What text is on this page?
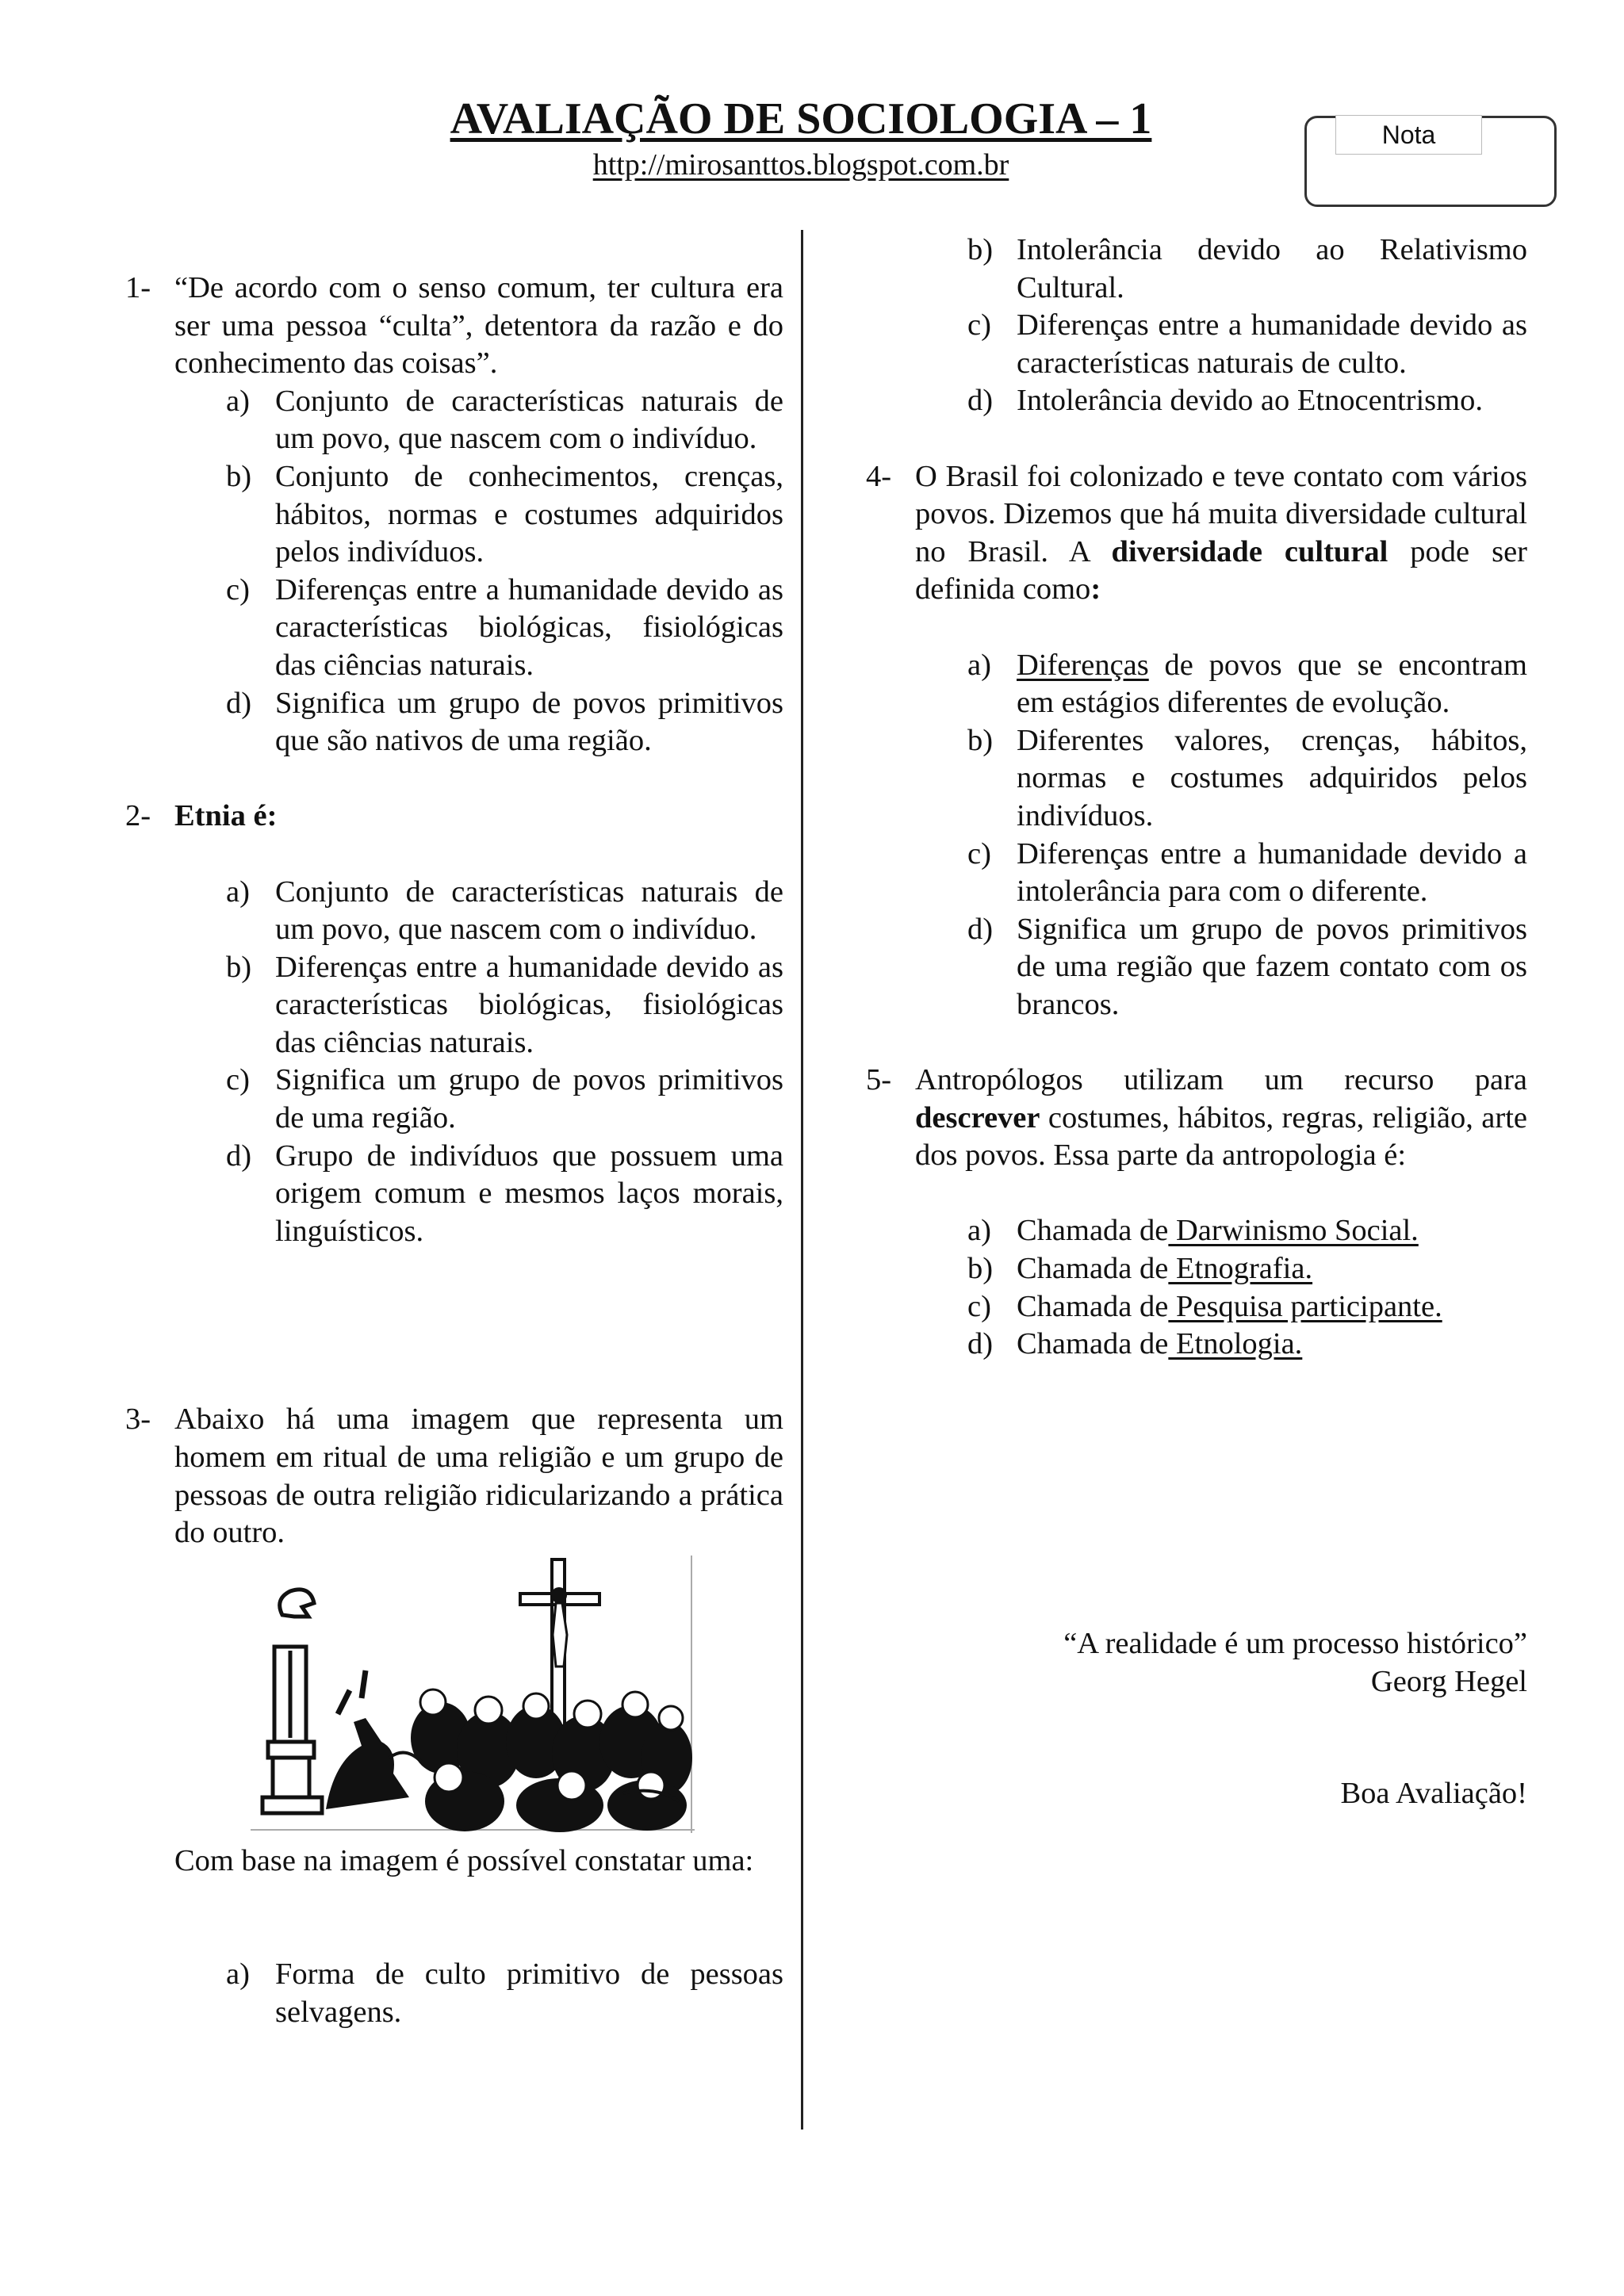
AVALIAÇÃO DE SOCIOLOGIA – 1
http://mirosanttos.blogspot.com.br
Nota
1- “De acordo com o senso comum, ter cultura era ser uma pessoa “culta”, detentora da razão e do conhecimento das coisas”.
a) Conjunto de características naturais de um povo, que nascem com o indivíduo.
b) Conjunto de conhecimentos, crenças, hábitos, normas e costumes adquiridos pelos indivíduos.
c) Diferenças entre a humanidade devido as características biológicas, fisiológicas das ciências naturais.
d) Significa um grupo de povos primitivos que são nativos de uma região.
2- Etnia é:
a) Conjunto de características naturais de um povo, que nascem com o indivíduo.
b) Diferenças entre a humanidade devido as características biológicas, fisiológicas das ciências naturais.
c) Significa um grupo de povos primitivos de uma região.
d) Grupo de indivíduos que possuem uma origem comum e mesmos laços morais, linguísticos.
3- Abaixo há uma imagem que representa um homem em ritual de uma religião e um grupo de pessoas de outra religião ridicularizando a prática do outro.
Com base na imagem é possível constatar uma:
a) Forma de culto primitivo de pessoas selvagens.
b) Intolerância devido ao Relativismo Cultural.
c) Diferenças entre a humanidade devido as características naturais de culto.
d) Intolerância devido ao Etnocentrismo.
4- O Brasil foi colonizado e teve contato com vários povos. Dizemos que há muita diversidade cultural no Brasil. A diversidade cultural pode ser definida como:
a) Diferenças de povos que se encontram em estágios diferentes de evolução.
b) Diferentes valores, crenças, hábitos, normas e costumes adquiridos pelos indivíduos.
c) Diferenças entre a humanidade devido a intolerância para com o diferente.
d) Significa um grupo de povos primitivos de uma região que fazem contato com os brancos.
5- Antropólogos utilizam um recurso para descrever costumes, hábitos, regras, religião, arte dos povos. Essa parte da antropologia é:
a) Chamada de Darwinismo Social.
b) Chamada de Etnografia.
c) Chamada de Pesquisa participante.
d) Chamada de Etnologia.
“A realidade é um processo histórico”
Georg Hegel
Boa Avaliação!
